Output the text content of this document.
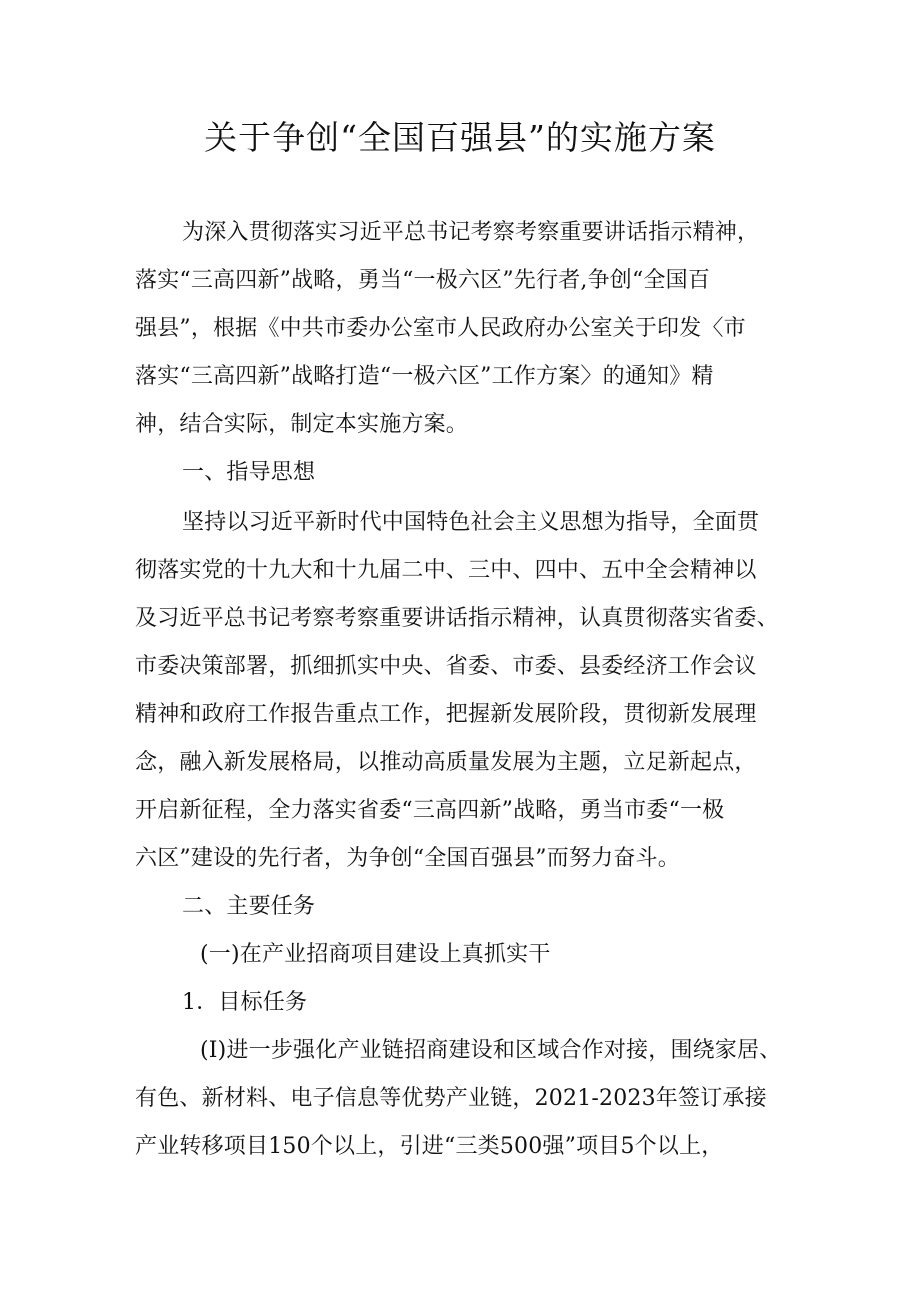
关于争创“全国百强县”的实施方案
为深入贯彻落实习近平总书记考察考察重要讲话指示精神，
落实“三高四新”战略，勇当“一极六区”先行者,争创“全国百
强县”，根据《中共市委办公室市人民政府办公室关于印发〈市
落实“三高四新”战略打造“一极六区”工作方案〉的通知》精
神，结合实际，制定本实施方案。
一、指导思想
坚持以习近平新时代中国特色社会主义思想为指导，全面贯
彻落实党的十九大和十九届二中、三中、四中、五中全会精神以
及习近平总书记考察考察重要讲话指示精神，认真贯彻落实省委、
市委决策部署，抓细抓实中央、省委、市委、县委经济工作会议
精神和政府工作报告重点工作，把握新发展阶段，贯彻新发展理
念，融入新发展格局，以推动高质量发展为主题，立足新起点，
开启新征程，全力落实省委“三高四新”战略，勇当市委“一极
六区”建设的先行者，为争创“全国百强县”而努力奋斗。
二、主要任务
(一)在产业招商项目建设上真抓实干
1．目标任务
(I)进一步强化产业链招商建设和区域合作对接，围绕家居、
有色、新材料、电子信息等优势产业链，2021-2023年签订承接
产业转移项目150个以上，引进“三类500强”项目5个以上，
